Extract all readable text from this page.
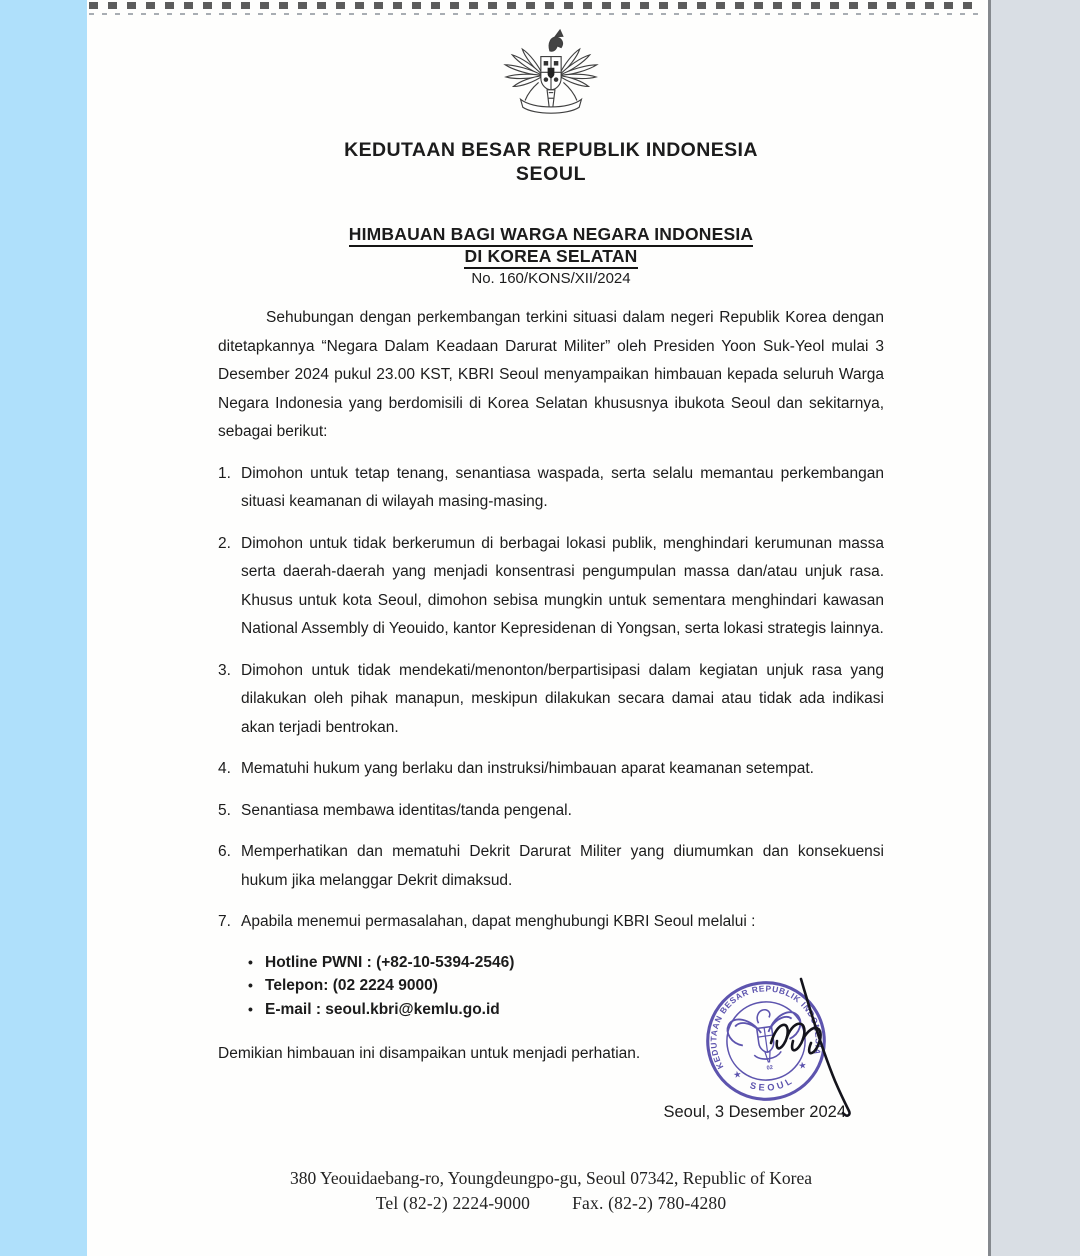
KEDUTAAN BESAR REPUBLIK INDONESIA
SEOUL
HIMBAUAN BAGI WARGA NEGARA INDONESIA
DI KOREA SELATAN
No. 160/KONS/XII/2024

Sehubungan dengan perkembangan terkini situasi dalam negeri Republik Korea dengan ditetapkannya “Negara Dalam Keadaan Darurat Militer” oleh Presiden Yoon Suk-Yeol mulai 3 Desember 2024 pukul 23.00 KST, KBRI Seoul menyampaikan himbauan kepada seluruh Warga Negara Indonesia yang berdomisili di Korea Selatan khususnya ibukota Seoul dan sekitarnya, sebagai berikut:

1. Dimohon untuk tetap tenang, senantiasa waspada, serta selalu memantau perkembangan situasi keamanan di wilayah masing-masing.
2. Dimohon untuk tidak berkerumun di berbagai lokasi publik, menghindari kerumunan massa serta daerah-daerah yang menjadi konsentrasi pengumpulan massa dan/atau unjuk rasa. Khusus untuk kota Seoul, dimohon sebisa mungkin untuk sementara menghindari kawasan National Assembly di Yeouido, kantor Kepresidenan di Yongsan, serta lokasi strategis lainnya.
3. Dimohon untuk tidak mendekati/menonton/berpartisipasi dalam kegiatan unjuk rasa yang dilakukan oleh pihak manapun, meskipun dilakukan secara damai atau tidak ada indikasi akan terjadi bentrokan.
4. Mematuhi hukum yang berlaku dan instruksi/himbauan aparat keamanan setempat.
5. Senantiasa membawa identitas/tanda pengenal.
6. Memperhatikan dan mematuhi Dekrit Darurat Militer yang diumumkan dan konsekuensi hukum jika melanggar Dekrit dimaksud.
7. Apabila menemui permasalahan, dapat menghubungi KBRI Seoul melalui :
• Hotline PWNI : (+82-10-5394-2546)
• Telepon: (02 2224 9000)
• E-mail : seoul.kbri@kemlu.go.id

Demikian himbauan ini disampaikan untuk menjadi perhatian.

Seoul, 3 Desember 2024
KEDUTAAN BESAR REPUBLIK INDONESIA
SEOUL
★
★
02
380 Yeouidaebang-ro, Youngdeungpo-gu, Seoul 07342, Republic of Korea
Tel (82-2) 2224-9000 Fax. (82-2) 780-4280
